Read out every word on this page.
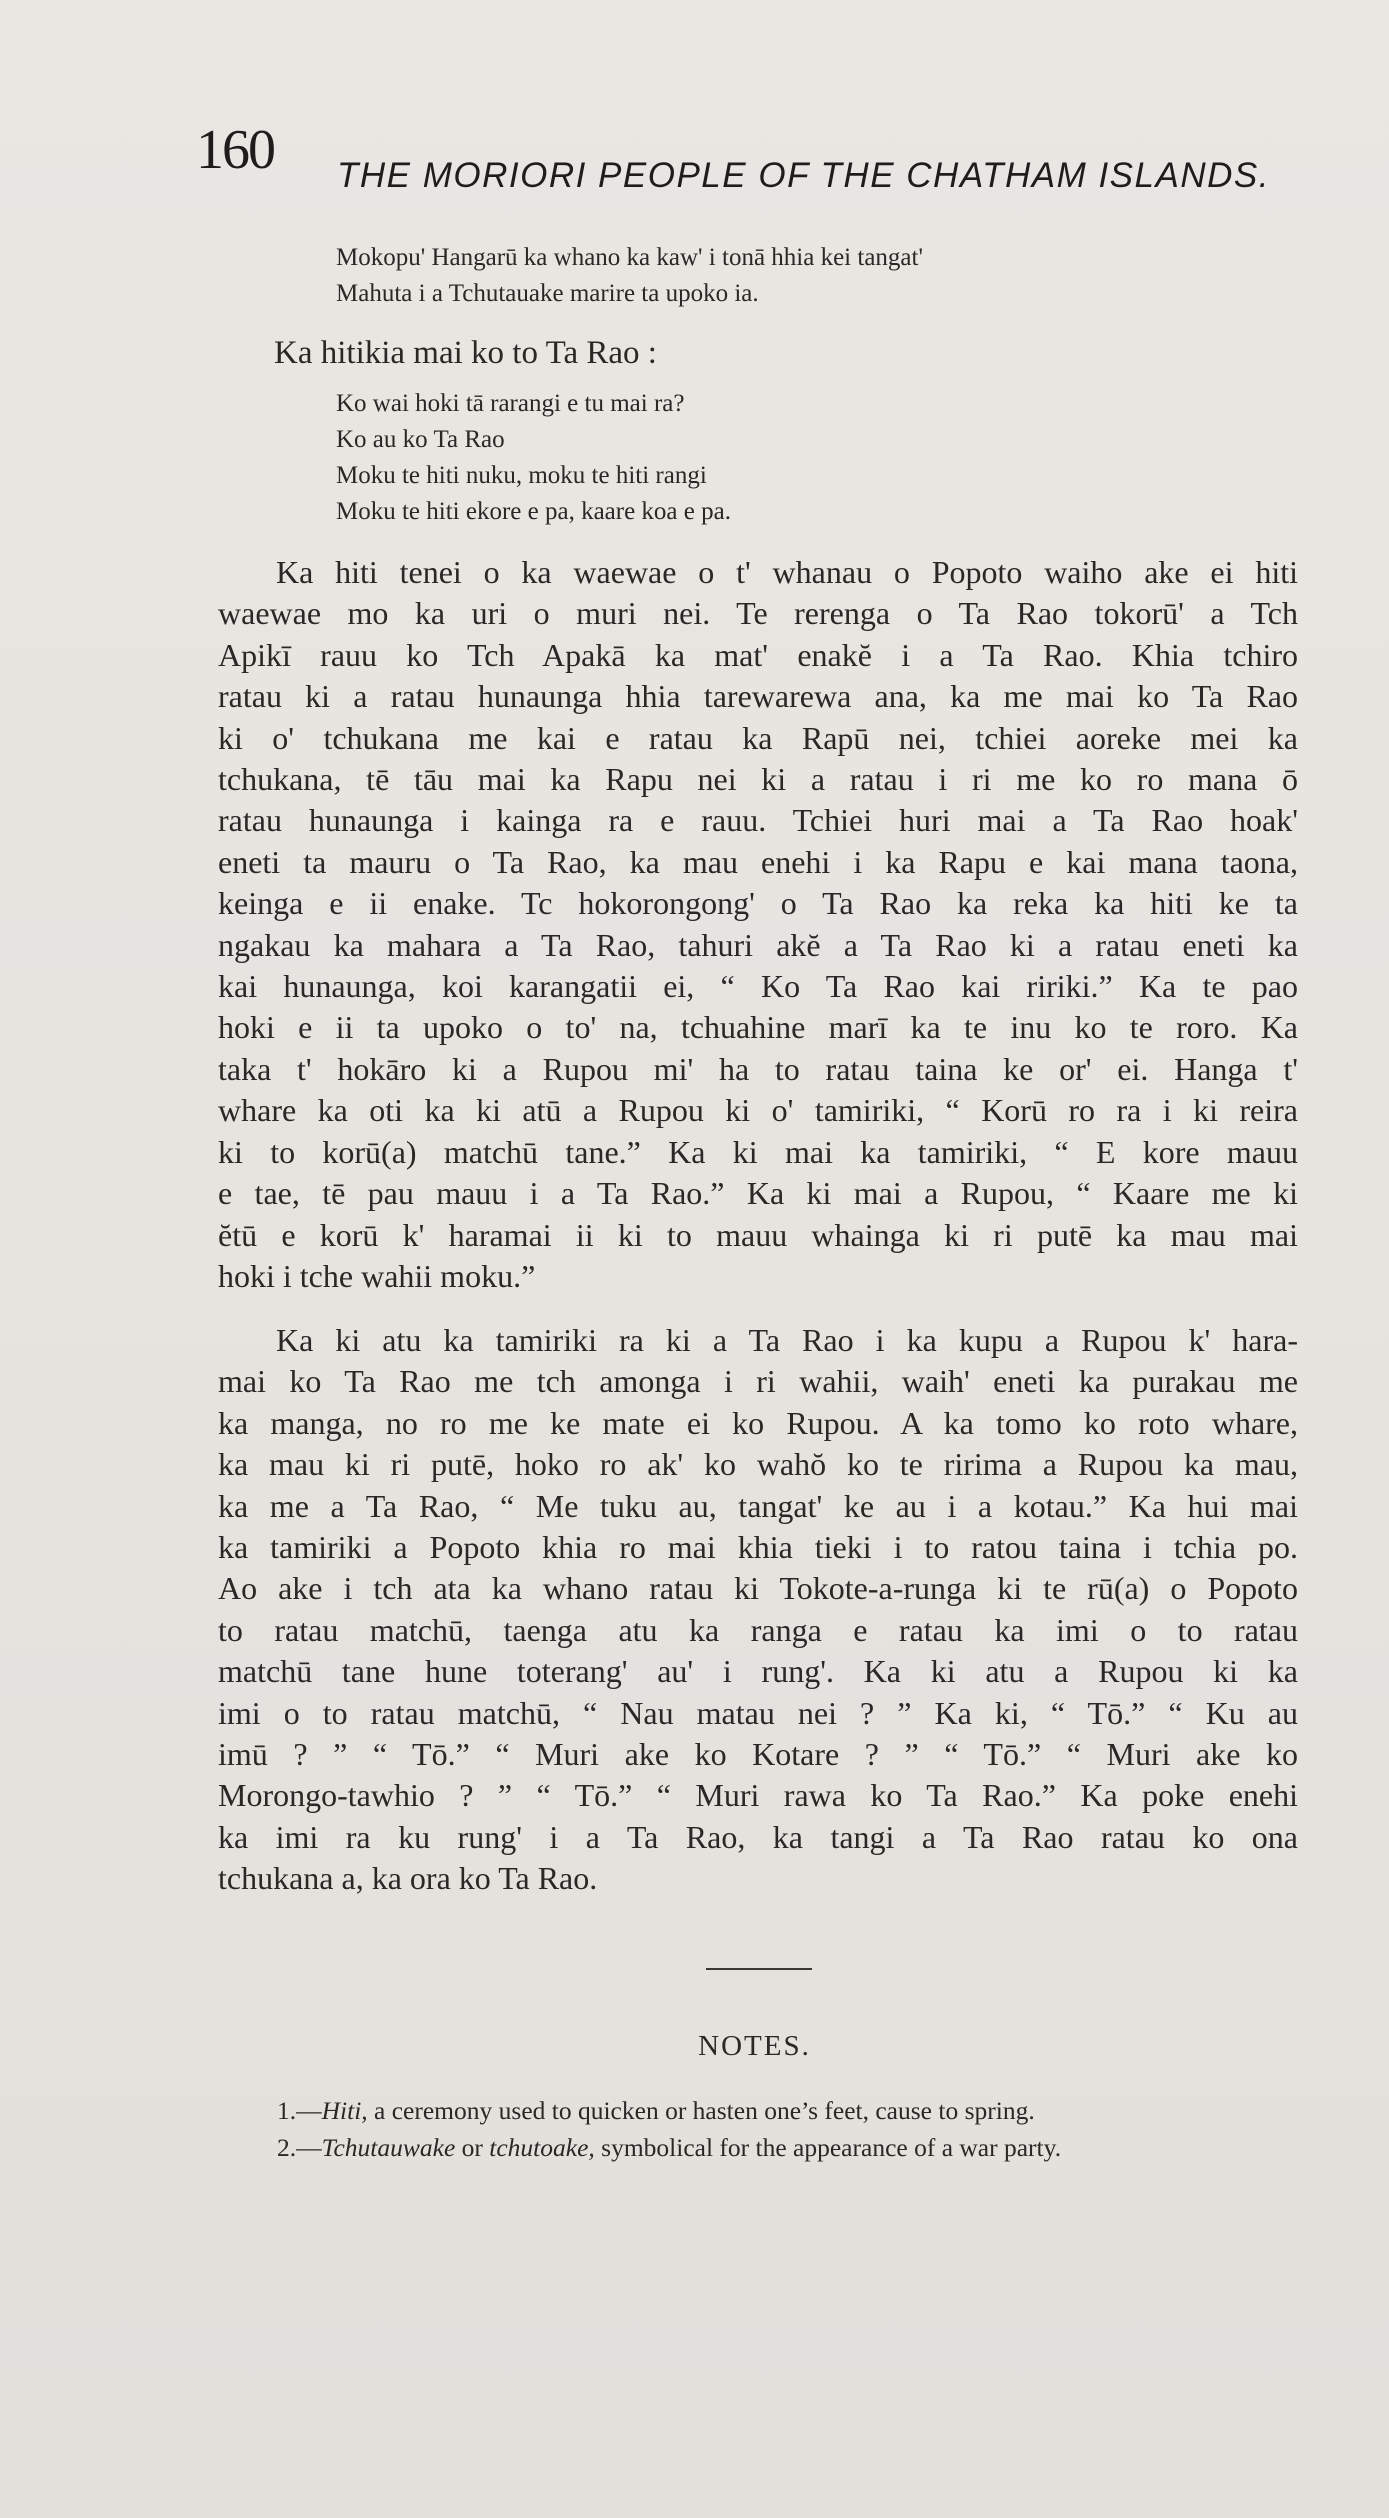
160 THE MORIORI PEOPLE OF THE CHATHAM ISLANDS.
Mokopu' Hangarū ka whano ka kaw' i tonā hhia kei tangat'
Mahuta i a Tchutauake marire ta upoko ia.
Ka hitikia mai ko to Ta Rao :
Ko wai hoki tā rarangi e tu mai ra?
Ko au ko Ta Rao
Moku te hiti nuku, moku te hiti rangi
Moku te hiti ekore e pa, kaare koa e pa.
Ka hiti tenei o ka waewae o t' whanau o Popoto waiho ake ei hiti
waewae mo ka uri o muri nei. Te rerenga o Ta Rao tokorū' a Tch
Apikī rauu ko Tch Apakā ka mat' enakĕ i a Ta Rao. Khia tchiro
ratau ki a ratau hunaunga hhia tarewarewa ana, ka me mai ko Ta Rao
ki o' tchukana me kai e ratau ka Rapū nei, tchiei aoreke mei ka
tchukana, tē tāu mai ka Rapu nei ki a ratau i ri me ko ro mana ō
ratau hunaunga i kainga ra e rauu. Tchiei huri mai a Ta Rao hoak'
eneti ta mauru o Ta Rao, ka mau enehi i ka Rapu e kai mana taona,
keinga e ii enake. Tc hokorongong' o Ta Rao ka reka ka hiti ke ta
ngakau ka mahara a Ta Rao, tahuri akĕ a Ta Rao ki a ratau eneti ka
kai hunaunga, koi karangatii ei, “ Ko Ta Rao kai ririki.” Ka te pao
hoki e ii ta upoko o to' na, tchuahine marī ka te inu ko te roro. Ka
taka t' hokāro ki a Rupou mi' ha to ratau taina ke or' ei. Hanga t'
whare ka oti ka ki atū a Rupou ki o' tamiriki, “ Korū ro ra i ki reira
ki to korū(a) matchū tane.” Ka ki mai ka tamiriki, “ E kore mauu
e tae, tē pau mauu i a Ta Rao.” Ka ki mai a Rupou, “ Kaare me ki
ĕtū e korū k' haramai ii ki to mauu whainga ki ri putē ka mau mai
hoki i tche wahii moku.”
Ka ki atu ka tamiriki ra ki a Ta Rao i ka kupu a Rupou k' hara-
mai ko Ta Rao me tch amonga i ri wahii, waih' eneti ka purakau me
ka manga, no ro me ke mate ei ko Rupou. A ka tomo ko roto whare,
ka mau ki ri putē, hoko ro ak' ko wahŏ ko te ririma a Rupou ka mau,
ka me a Ta Rao, “ Me tuku au, tangat' ke au i a kotau.” Ka hui mai
ka tamiriki a Popoto khia ro mai khia tieki i to ratou taina i tchia po.
Ao ake i tch ata ka whano ratau ki Tokote-a-runga ki te rū(a) o Popoto
to ratau matchū, taenga atu ka ranga e ratau ka imi o to ratau
matchū tane hune toterang' au' i rung'. Ka ki atu a Rupou ki ka
imi o to ratau matchū, “ Nau matau nei ? ” Ka ki, “ Tō.” “ Ku au
imū ? ” “ Tō.” “ Muri ake ko Kotare ? ” “ Tō.” “ Muri ake ko
Morongo-tawhio ? ” “ Tō.” “ Muri rawa ko Ta Rao.” Ka poke enehi
ka imi ra ku rung' i a Ta Rao, ka tangi a Ta Rao ratau ko ona
tchukana a, ka ora ko Ta Rao.
NOTES.
1.—Hiti, a ceremony used to quicken or hasten one’s feet, cause to spring.
2.—Tchutauwake or tchutoake, symbolical for the appearance of a war party.
